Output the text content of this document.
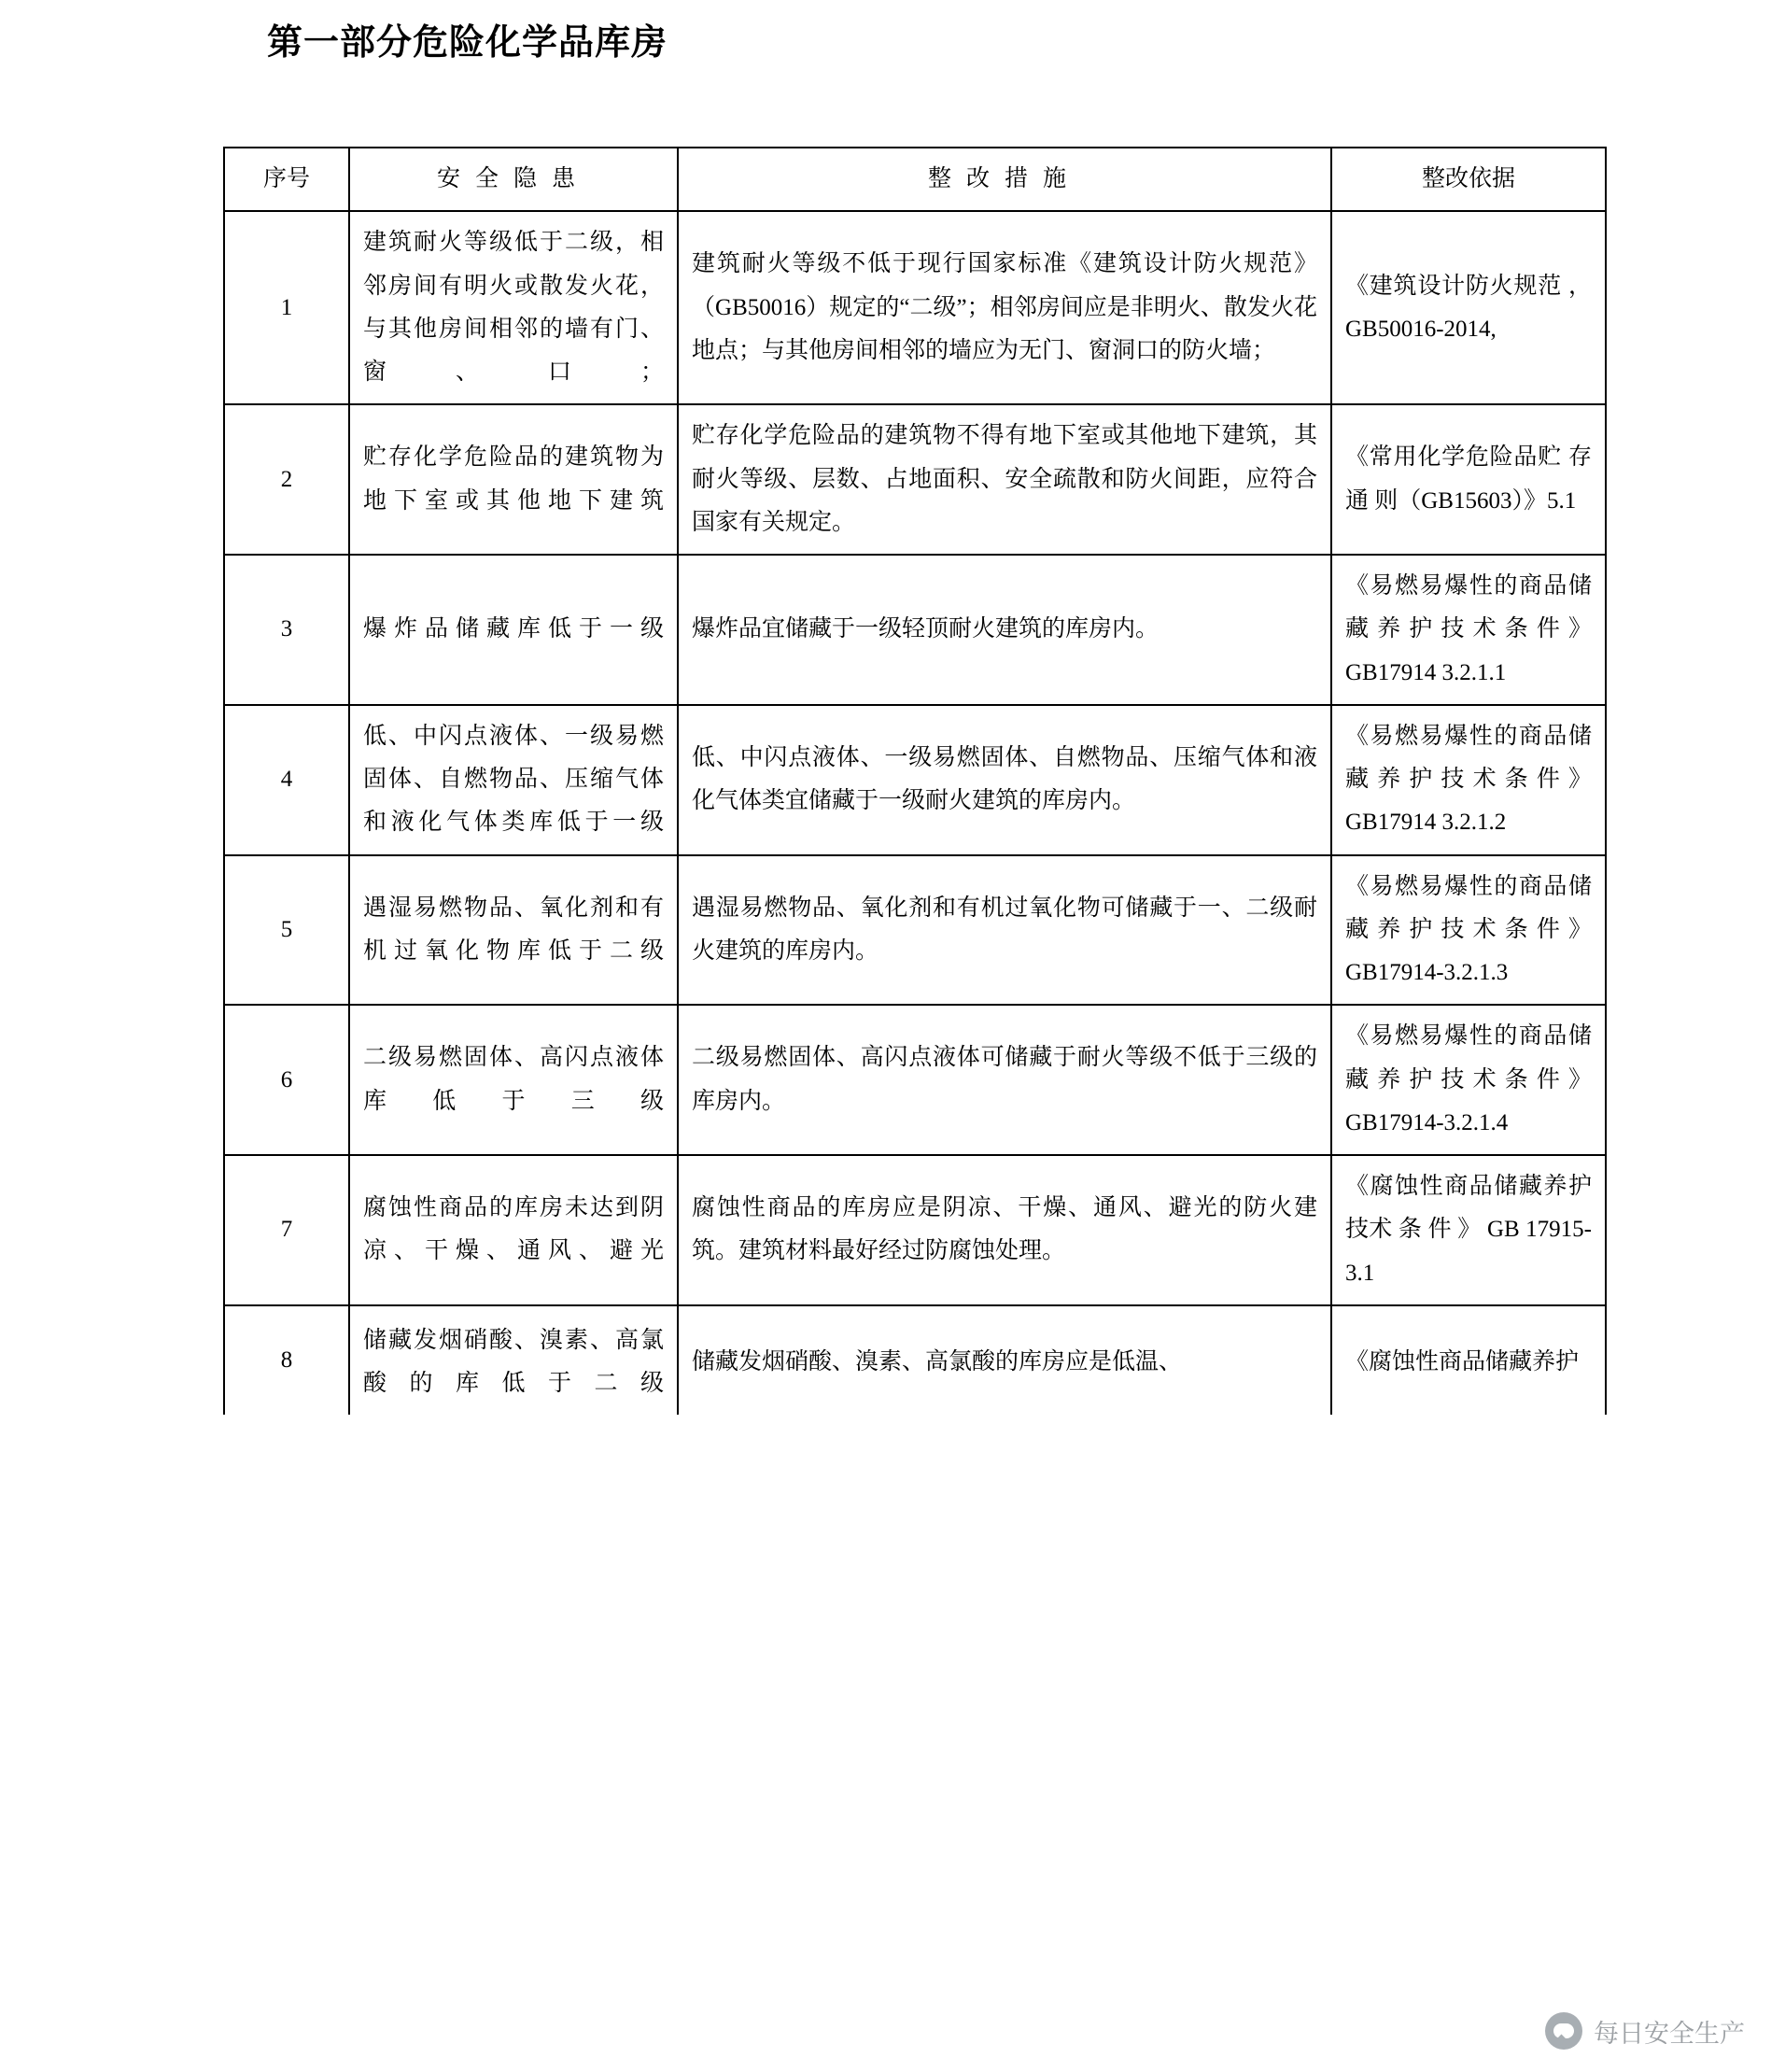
第一部分危险化学品库房
序号	安全隐患	整改措施	整改依据
1	建筑耐火等级低于二级，相邻房间有明火或散发火花，与其他房间相邻的墙有门、窗、口；	建筑耐火等级不低于现行国家标准《建筑设计防火规范》（GB50016）规定的“二级”；相邻房间应是非明火、散发火花地点；与其他房间相邻的墙应为无门、窗洞口的防火墙；	《建筑设计防火规范 ，GB50016-2014,
2	贮存化学危险品的建筑物为地下室或其他地下建筑	贮存化学危险品的建筑物不得有地下室或其他地下建筑，其耐火等级、层数、占地面积、安全疏散和防火间距，应符合国家有关规定。	《常用化学危险品贮 存 通 则（GB15603）》5.1
3	爆炸品储藏库低于一级	爆炸品宜储藏于一级轻顶耐火建筑的库房内。	《易燃易爆性的商品储藏养护技术条件》GB17914 3.2.1.1
4	低、中闪点液体、一级易燃固体、自燃物品、压缩气体和液化气体类库低于一级	低、中闪点液体、一级易燃固体、自燃物品、压缩气体和液化气体类宜储藏于一级耐火建筑的库房内。	《易燃易爆性的商品储藏养护技术条件》GB17914 3.2.1.2
5	遇湿易燃物品、氧化剂和有机过氧化物库低于二级	遇湿易燃物品、氧化剂和有机过氧化物可储藏于一、二级耐火建筑的库房内。	《易燃易爆性的商品储藏养护技术条件》GB17914-3.2.1.3
6	二级易燃固体、高闪点液体库低于三级	二级易燃固体、高闪点液体可储藏于耐火等级不低于三级的库房内。	《易燃易爆性的商品储藏养护技术条件》GB17914-3.2.1.4
7	腐蚀性商品的库房未达到阴凉、干燥、通风、避光	腐蚀性商品的库房应是阴凉、干燥、通风、避光的防火建筑。建筑材料最好经过防腐蚀处理。	《腐蚀性商品储藏养护技术 条 件 》 GB 17915-3.1
8	储藏发烟硝酸、溴素、高氯酸的库低于二级	储藏发烟硝酸、溴素、高氯酸的库房应是低温、	《腐蚀性商品储藏养护
每日安全生产
